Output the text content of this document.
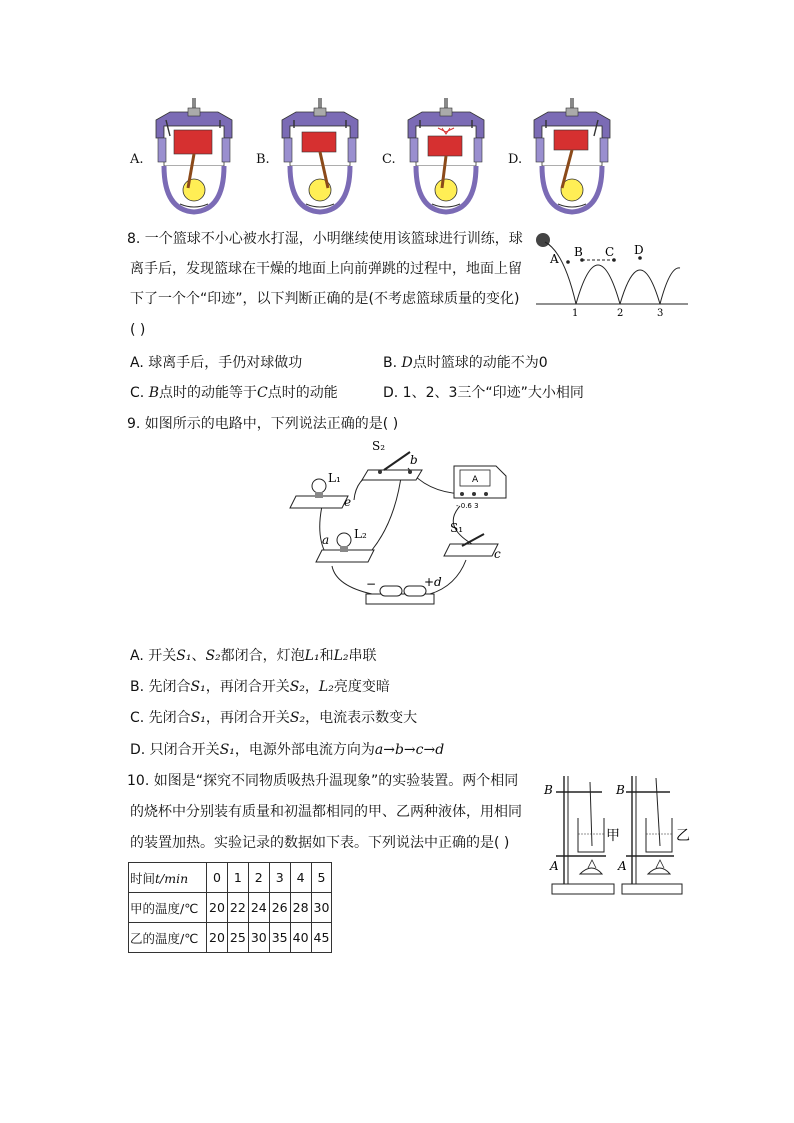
A.	B.	C.	D.
8. 一个篮球不小心被水打湿，小明继续使用该篮球进行训练，球
离手后，发现篮球在干燥的地面上向前弹跳的过程中，地面上留
下了一个个“印迹”，以下判断正确的是(不考虑篮球质量的变化)
( )
A B C D
1	2	3
A. 球离手后，手仍对球做功	B. D点时篮球的动能不为0
C. B点时的动能等于C点时的动能	D. 1、2、3三个“印迹”大小相同
9. 如图所示的电路中，下列说法正确的是( )
S₂
b
L₁
e
L₂
a
A
- 0.6 3
S₁
c
−	+ d
A. 开关S₁、S₂都闭合，灯泡L₁和L₂串联
B. 先闭合S₁，再闭合开关S₂，L₂亮度变暗
C. 先闭合S₁，再闭合开关S₂，电流表示数变大
D. 只闭合开关S₁，电源外部电流方向为a→b→c→d
10. 如图是“探究不同物质吸热升温现象”的实验装置。两个相同
的烧杯中分别装有质量和初温都相同的甲、乙两种液体，用相同
的装置加热。实验记录的数据如下表。下列说法中正确的是( )
B
A
甲
B
A
乙
时间t/min	0	1	2	3	4	5
甲的温度/℃	20	22	24	26	28	30
乙的温度/℃	20	25	30	35	40	45
